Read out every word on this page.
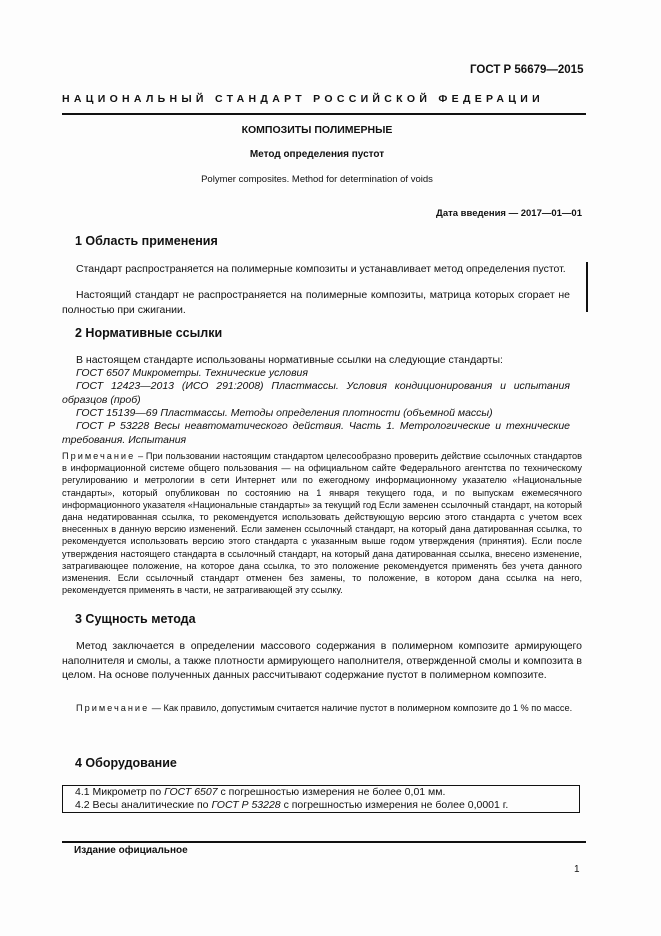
ГОСТ Р 56679—2015
НАЦИОНАЛЬНЫЙ СТАНДАРТ РОССИЙСКОЙ ФЕДЕРАЦИИ
КОМПОЗИТЫ ПОЛИМЕРНЫЕ
Метод определения пустот
Polymer composites. Method for determination of voids
Дата введения — 2017—01—01
1 Область применения
Стандарт распространяется на полимерные композиты и устанавливает метод определения пустот.
Настоящий стандарт не распространяется на полимерные композиты, матрица которых сгорает не полностью при сжигании.
2 Нормативные ссылки
В настоящем стандарте использованы нормативные ссылки на следующие стандарты:
ГОСТ 6507 Микрометры. Технические условия
ГОСТ 12423—2013 (ИСО 291:2008) Пластмассы. Условия кондиционирования и испытания образцов (проб)
ГОСТ 15139—69 Пластмассы. Методы определения плотности (объемной массы)
ГОСТ Р 53228 Весы неавтоматического действия. Часть 1. Метрологические и технические требования. Испытания
Примечание – При пользовании настоящим стандартом целесообразно проверить действие ссылочных стандартов в информационной системе общего пользования — на официальном сайте Федерального агентства по техническому регулированию и метрологии в сети Интернет или по ежегодному информационному указателю «Национальные стандарты», который опубликован по состоянию на 1 января текущего года, и по выпускам ежемесячного информационного указателя «Национальные стандарты» за текущий год Если заменен ссылочный стандарт, на который дана недатированная ссылка, то рекомендуется использовать действующую версию этого стандарта с учетом всех внесенных в данную версию изменений. Если заменен ссылочный стандарт, на который дана датированная ссылка, то рекомендуется использовать версию этого стандарта с указанным выше годом утверждения (принятия). Если после утверждения настоящего стандарта в ссылочный стандарт, на который дана датированная ссылка, внесено изменение, затрагивающее положение, на которое дана ссылка, то это положение рекомендуется применять без учета данного изменения. Если ссылочный стандарт отменен без замены, то положение, в котором дана ссылка на него, рекомендуется применять в части, не затрагивающей эту ссылку.
3 Сущность метода
Метод заключается в определении массового содержания в полимерном композите армирующего наполнителя и смолы, а также плотности армирующего наполнителя, отвержденной смолы и композита в целом. На основе полученных данных рассчитывают содержание пустот в полимерном композите.
Примечание — Как правило, допустимым считается наличие пустот в полимерном композите до 1 % по массе.
4 Оборудование
4.1 Микрометр по ГОСТ 6507 с погрешностью измерения не более 0,01 мм.
4.2 Весы аналитические по ГОСТ Р 53228 с погрешностью измерения не более 0,0001 г.
Издание официальное
1
